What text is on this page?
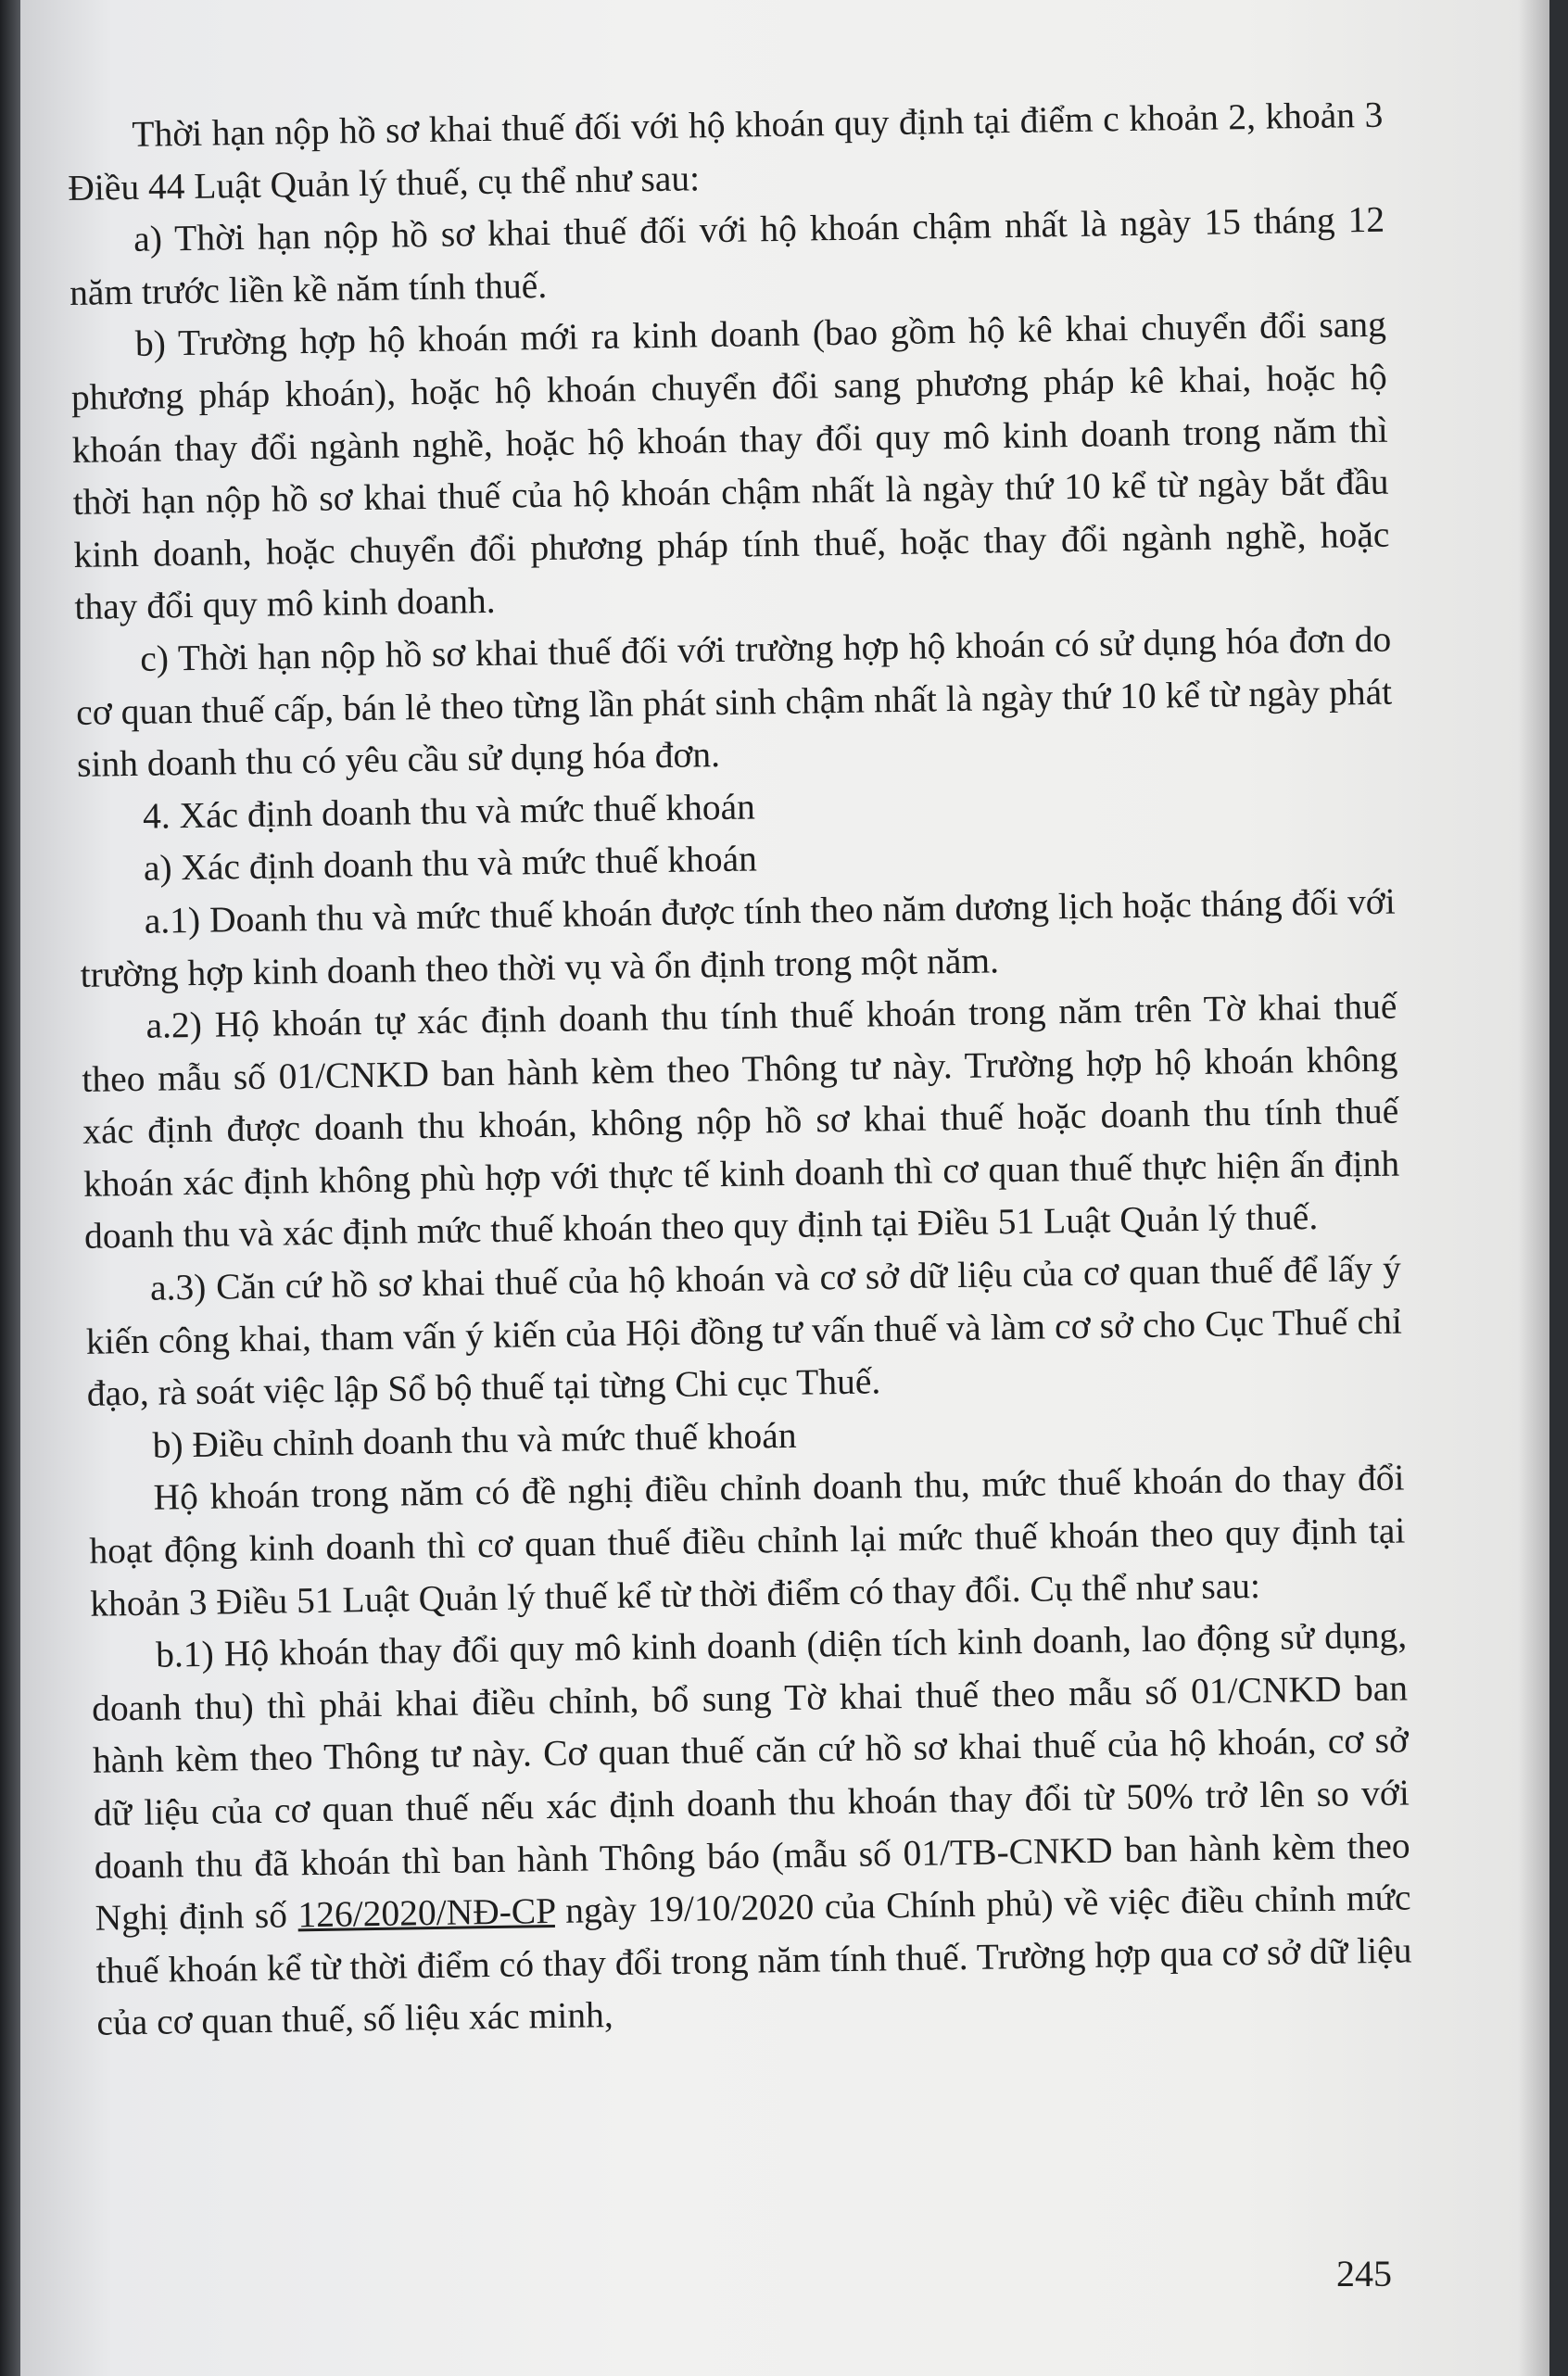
Thời hạn nộp hồ sơ khai thuế đối với hộ khoán quy định tại điểm c khoản 2, khoản 3 Điều 44 Luật Quản lý thuế, cụ thể như sau:

a) Thời hạn nộp hồ sơ khai thuế đối với hộ khoán chậm nhất là ngày 15 tháng 12 năm trước liền kề năm tính thuế.

b) Trường hợp hộ khoán mới ra kinh doanh (bao gồm hộ kê khai chuyển đổi sang phương pháp khoán), hoặc hộ khoán chuyển đổi sang phương pháp kê khai, hoặc hộ khoán thay đổi ngành nghề, hoặc hộ khoán thay đổi quy mô kinh doanh trong năm thì thời hạn nộp hồ sơ khai thuế của hộ khoán chậm nhất là ngày thứ 10 kể từ ngày bắt đầu kinh doanh, hoặc chuyển đổi phương pháp tính thuế, hoặc thay đổi ngành nghề, hoặc thay đổi quy mô kinh doanh.

c) Thời hạn nộp hồ sơ khai thuế đối với trường hợp hộ khoán có sử dụng hóa đơn do cơ quan thuế cấp, bán lẻ theo từng lần phát sinh chậm nhất là ngày thứ 10 kể từ ngày phát sinh doanh thu có yêu cầu sử dụng hóa đơn.

4. Xác định doanh thu và mức thuế khoán

a) Xác định doanh thu và mức thuế khoán

a.1) Doanh thu và mức thuế khoán được tính theo năm dương lịch hoặc tháng đối với trường hợp kinh doanh theo thời vụ và ổn định trong một năm.

a.2) Hộ khoán tự xác định doanh thu tính thuế khoán trong năm trên Tờ khai thuế theo mẫu số 01/CNKD ban hành kèm theo Thông tư này. Trường hợp hộ khoán không xác định được doanh thu khoán, không nộp hồ sơ khai thuế hoặc doanh thu tính thuế khoán xác định không phù hợp với thực tế kinh doanh thì cơ quan thuế thực hiện ấn định doanh thu và xác định mức thuế khoán theo quy định tại Điều 51 Luật Quản lý thuế.

a.3) Căn cứ hồ sơ khai thuế của hộ khoán và cơ sở dữ liệu của cơ quan thuế để lấy ý kiến công khai, tham vấn ý kiến của Hội đồng tư vấn thuế và làm cơ sở cho Cục Thuế chỉ đạo, rà soát việc lập Sổ bộ thuế tại từng Chi cục Thuế.

b) Điều chỉnh doanh thu và mức thuế khoán

Hộ khoán trong năm có đề nghị điều chỉnh doanh thu, mức thuế khoán do thay đổi hoạt động kinh doanh thì cơ quan thuế điều chỉnh lại mức thuế khoán theo quy định tại khoản 3 Điều 51 Luật Quản lý thuế kể từ thời điểm có thay đổi. Cụ thể như sau:

b.1) Hộ khoán thay đổi quy mô kinh doanh (diện tích kinh doanh, lao động sử dụng, doanh thu) thì phải khai điều chỉnh, bổ sung Tờ khai thuế theo mẫu số 01/CNKD ban hành kèm theo Thông tư này. Cơ quan thuế căn cứ hồ sơ khai thuế của hộ khoán, cơ sở dữ liệu của cơ quan thuế nếu xác định doanh thu khoán thay đổi từ 50% trở lên so với doanh thu đã khoán thì ban hành Thông báo (mẫu số 01/TB-CNKD ban hành kèm theo Nghị định số 126/2020/NĐ-CP ngày 19/10/2020 của Chính phủ) về việc điều chỉnh mức thuế khoán kể từ thời điểm có thay đổi trong năm tính thuế. Trường hợp qua cơ sở dữ liệu của cơ quan thuế, số liệu xác minh,

245
